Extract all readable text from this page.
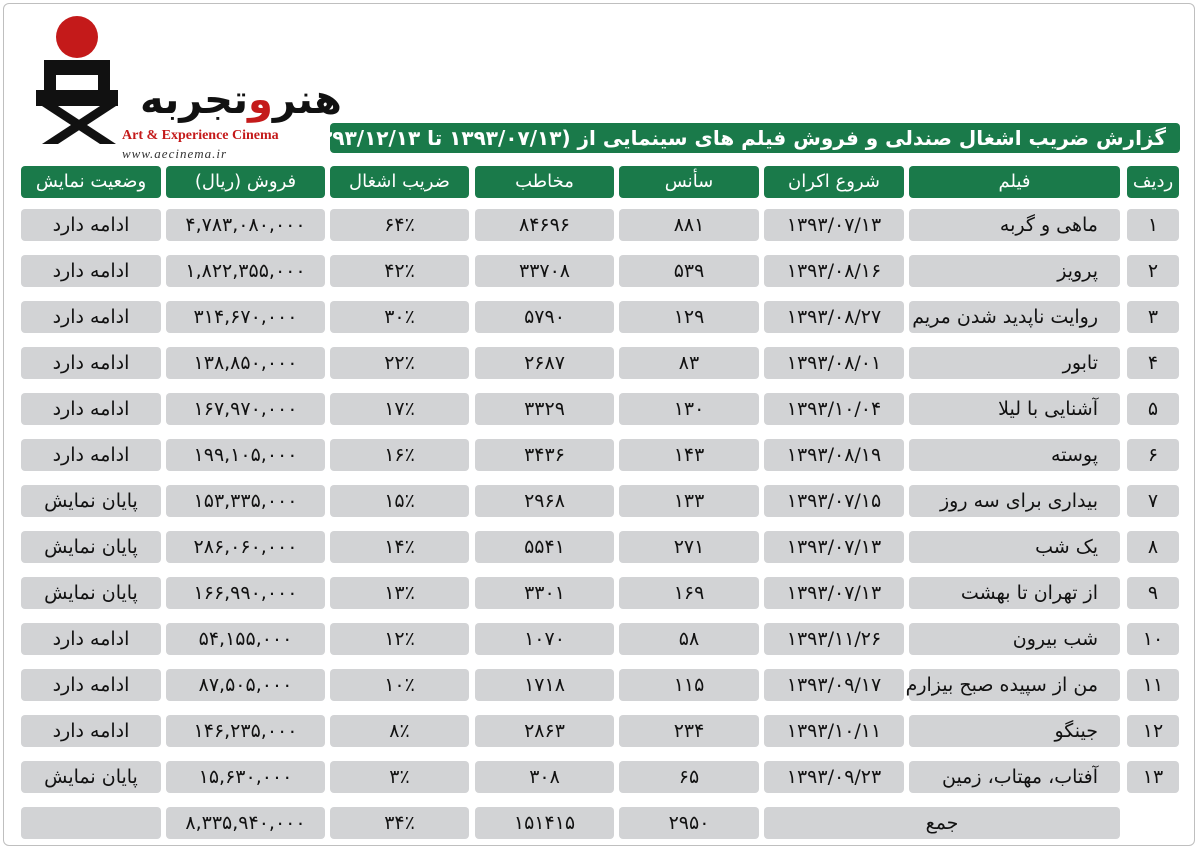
هنروتجربه
Art & Experience Cinema
www.aecinema.ir
گزارش ضریب اشغال صندلی و فروش فیلم های سینمایی از (۱۳۹۳/۰۷/۱۳ تا ۱۳۹۳/۱۲/۱۳)
ردیف
فیلم
شروع اکران
سأنس
مخاطب
ضریب اشغال
فروش (ریال)
وضعیت نمایش
۱
ماهی و گربه
۱۳۹۳/۰۷/۱۳
۸۸۱
۸۴۶۹۶
۶۴٪
۴,۷۸۳,۰۸۰,۰۰۰
ادامه دارد
۲
پرویز
۱۳۹۳/۰۸/۱۶
۵۳۹
۳۳۷۰۸
۴۲٪
۱,۸۲۲,۳۵۵,۰۰۰
ادامه دارد
۳
روایت ناپدید شدن مریم
۱۳۹۳/۰۸/۲۷
۱۲۹
۵۷۹۰
۳۰٪
۳۱۴,۶۷۰,۰۰۰
ادامه دارد
۴
تابور
۱۳۹۳/۰۸/۰۱
۸۳
۲۶۸۷
۲۲٪
۱۳۸,۸۵۰,۰۰۰
ادامه دارد
۵
آشنایی با لیلا
۱۳۹۳/۱۰/۰۴
۱۳۰
۳۳۲۹
۱۷٪
۱۶۷,۹۷۰,۰۰۰
ادامه دارد
۶
پوسته
۱۳۹۳/۰۸/۱۹
۱۴۳
۳۴۳۶
۱۶٪
۱۹۹,۱۰۵,۰۰۰
ادامه دارد
۷
بیداری برای سه روز
۱۳۹۳/۰۷/۱۵
۱۳۳
۲۹۶۸
۱۵٪
۱۵۳,۳۳۵,۰۰۰
پایان نمایش
۸
یک شب
۱۳۹۳/۰۷/۱۳
۲۷۱
۵۵۴۱
۱۴٪
۲۸۶,۰۶۰,۰۰۰
پایان نمایش
۹
از تهران تا بهشت
۱۳۹۳/۰۷/۱۳
۱۶۹
۳۳۰۱
۱۳٪
۱۶۶,۹۹۰,۰۰۰
پایان نمایش
۱۰
شب بیرون
۱۳۹۳/۱۱/۲۶
۵۸
۱۰۷۰
۱۲٪
۵۴,۱۵۵,۰۰۰
ادامه دارد
۱۱
من از سپیده صبح بیزارم
۱۳۹۳/۰۹/۱۷
۱۱۵
۱۷۱۸
۱۰٪
۸۷,۵۰۵,۰۰۰
ادامه دارد
۱۲
جینگو
۱۳۹۳/۱۰/۱۱
۲۳۴
۲۸۶۳
۸٪
۱۴۶,۲۳۵,۰۰۰
ادامه دارد
۱۳
آفتاب، مهتاب، زمین
۱۳۹۳/۰۹/۲۳
۶۵
۳۰۸
۳٪
۱۵,۶۳۰,۰۰۰
پایان نمایش
جمع
۲۹۵۰
۱۵۱۴۱۵
۳۴٪
۸,۳۳۵,۹۴۰,۰۰۰
